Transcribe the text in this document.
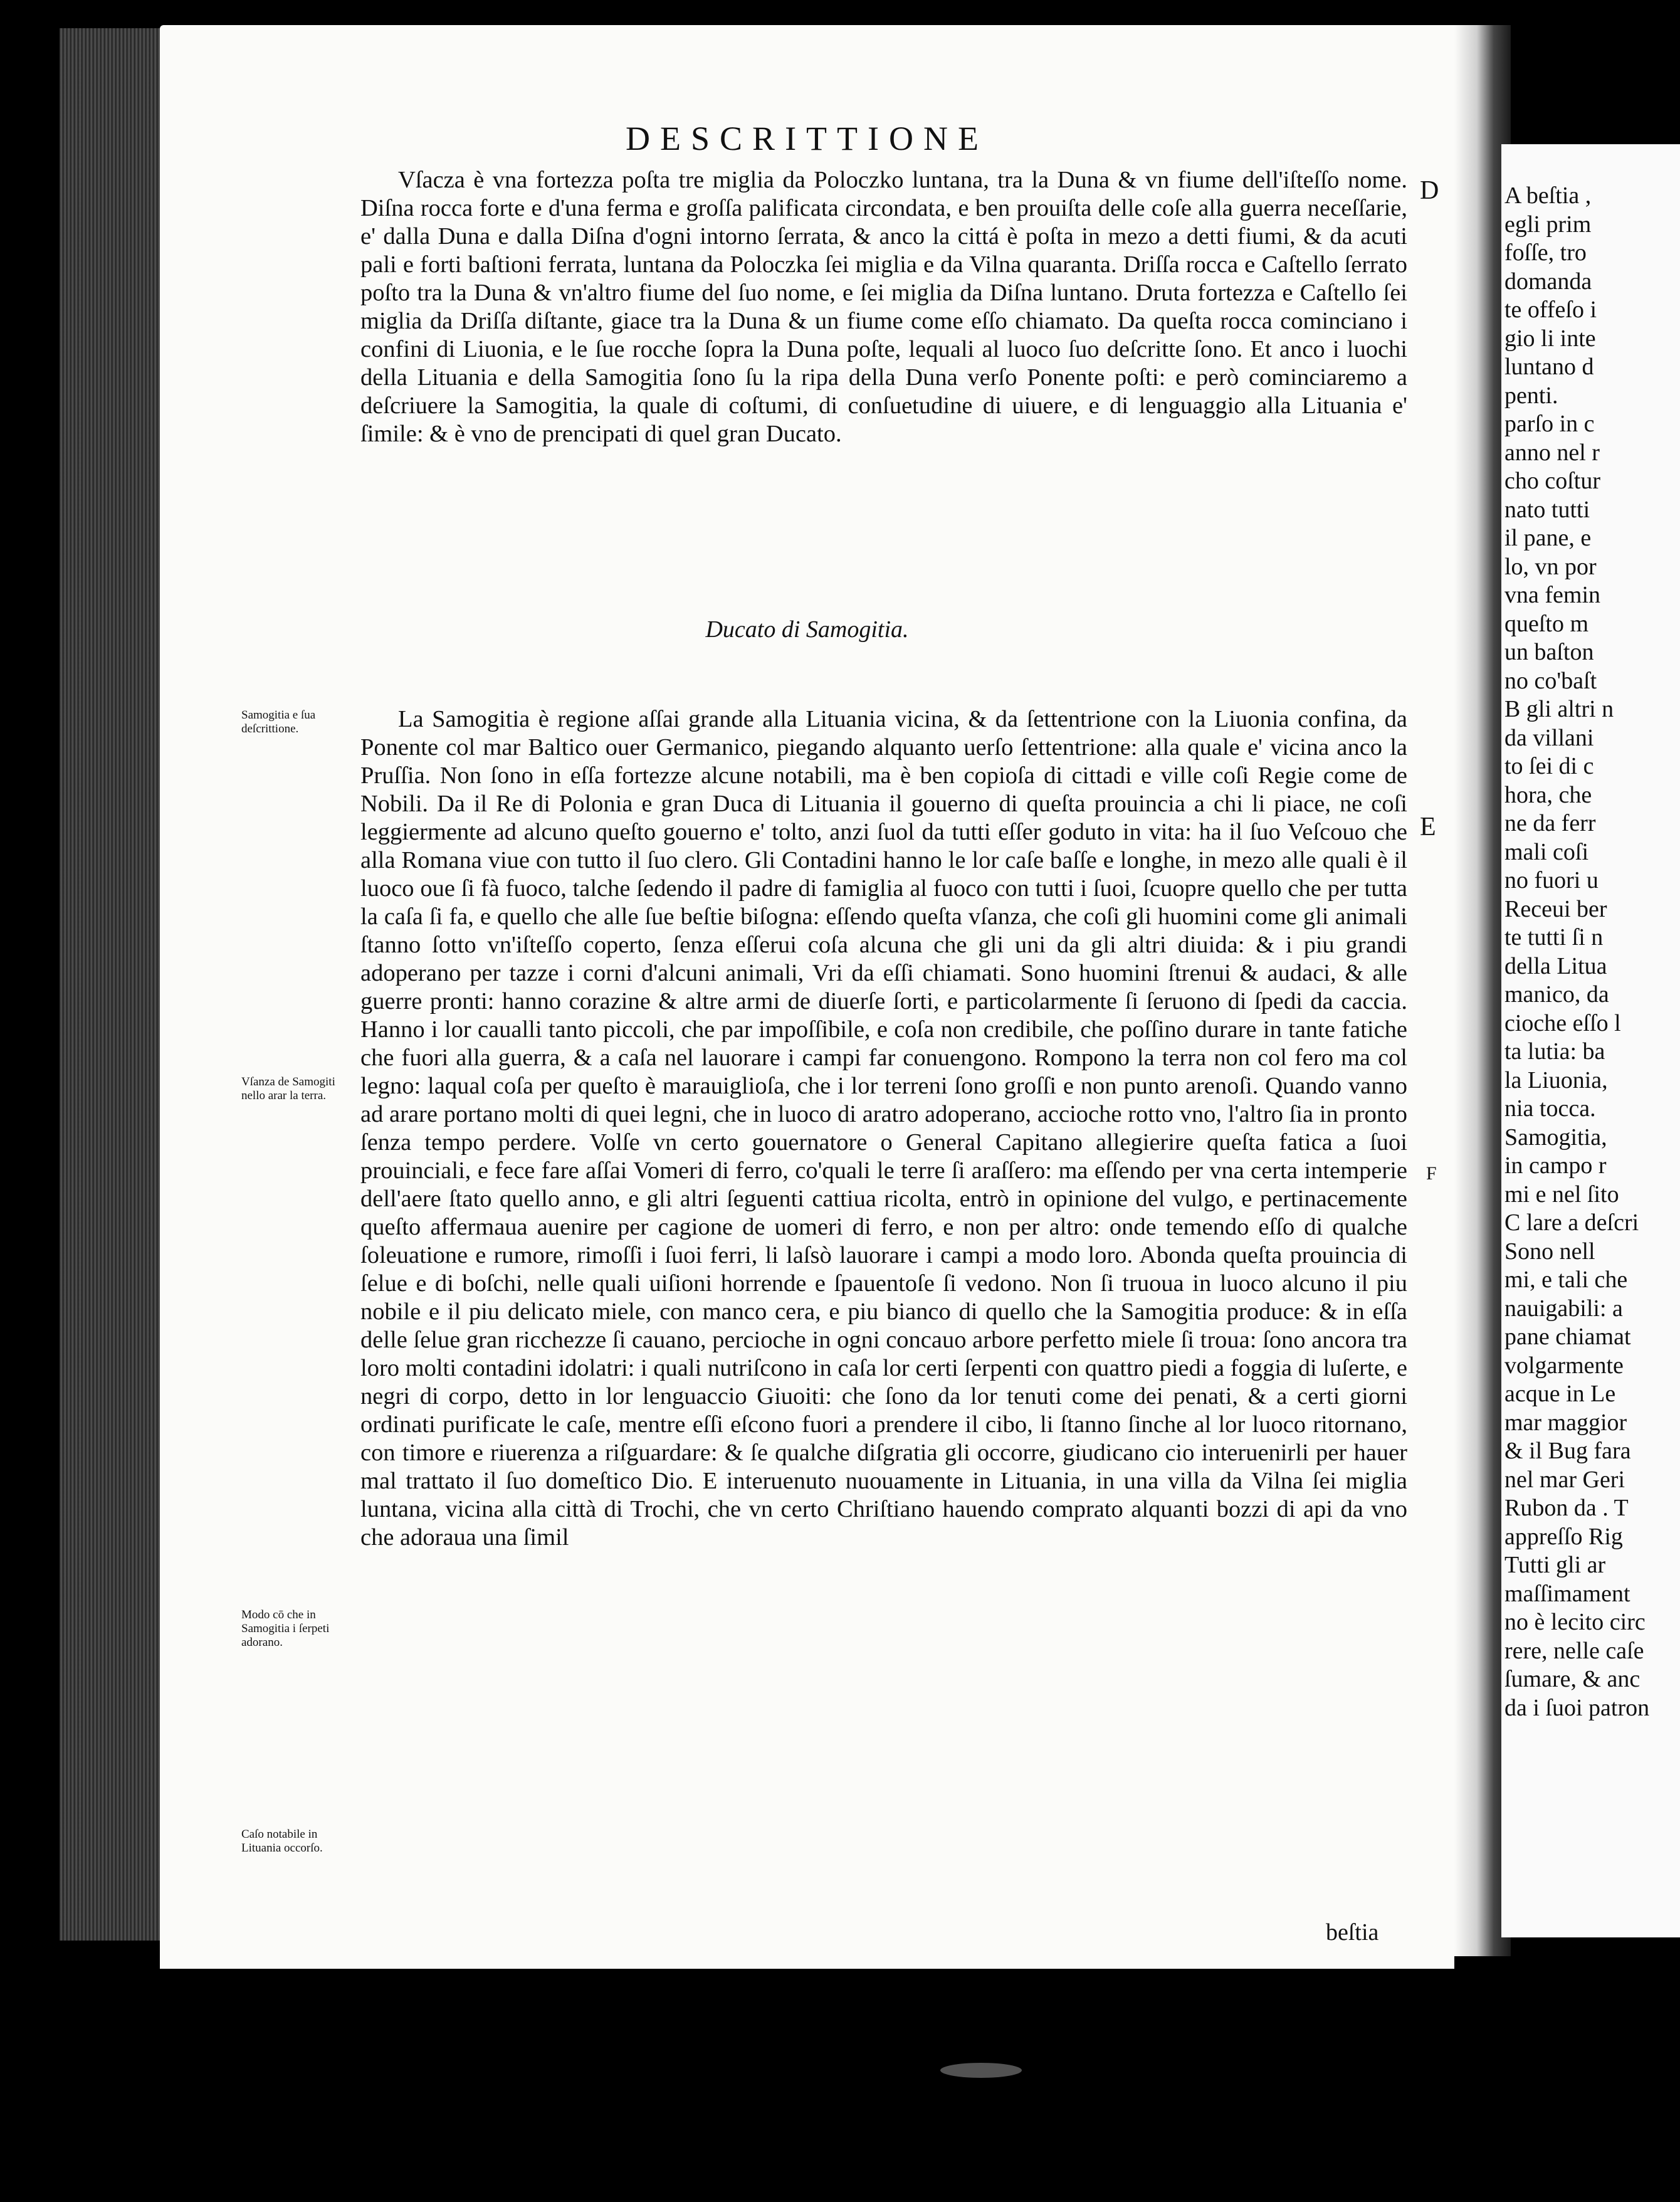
DESCRITTIONE

Vſacza è vna fortezza poſta tre miglia da Poloczko luntana, tra la Duna & vn fiume dell'iſteſſo nome. Diſna rocca forte e d'una ferma e groſſa palificata circondata, e ben prouiſta delle coſe alla guerra neceſſarie, e' dalla Duna e dalla Diſna d'ogni intorno ſerrata, & anco la cittá è poſta in mezo a detti fiumi, & da acuti pali e forti baſtioni ferrata, luntana da Poloczka ſei miglia e da Vilna quaranta. Driſſa rocca e Caſtello ſerrato poſto tra la Duna & vn'altro fiume del ſuo nome, e ſei miglia da Diſna luntano. Druta fortezza e Caſtello ſei miglia da Driſſa diſtante, giace tra la Duna & un fiume come eſſo chiamato. Da queſta rocca cominciano i confini di Liuonia, e le ſue rocche ſopra la Duna poſte, lequali al luoco ſuo deſcritte ſono. Et anco i luochi della Lituania e della Samogitia ſono ſu la ripa della Duna verſo Ponente poſti: e però cominciaremo a deſcriuere la Samogitia, la quale di coſtumi, di conſuetudine di uiuere, e di lenguaggio alla Lituania e' ſimile: & è vno de prencipati di quel gran Ducato.

Ducato di Samogitia.

La Samogitia è regione aſſai grande alla Lituania vicina, & da ſettentrione con la Liuonia confina, da Ponente col mar Baltico ouer Germanico, piegando alquanto uerſo ſettentrione: alla quale e' vicina anco la Pruſſia. Non ſono in eſſa fortezze alcune notabili, ma è ben copioſa di cittadi e ville coſi Regie come de Nobili. Da il Re di Polonia e gran Duca di Lituania il gouerno di queſta prouincia a chi li piace, ne coſi leggiermente ad alcuno queſto gouerno e' tolto, anzi ſuol da tutti eſſer goduto in vita: ha il ſuo Veſcouo che alla Romana viue con tutto il ſuo clero. Gli Contadini hanno le lor caſe baſſe e longhe, in mezo alle quali è il luoco oue ſi fà fuoco, talche ſedendo il padre di famiglia al fuoco con tutti i ſuoi, ſcuopre quello che per tutta la caſa ſi fa, e quello che alle ſue beſtie biſogna: eſſendo queſta vſanza, che coſi gli huomini come gli animali ſtanno ſotto vn'iſteſſo coperto, ſenza eſſerui coſa alcuna che gli uni da gli altri diuida: & i piu grandi adoperano per tazze i corni d'alcuni animali, Vri da eſſi chiamati. Sono huomini ſtrenui & audaci, & alle guerre pronti: hanno corazine & altre armi de diuerſe ſorti, e particolarmente ſi ſeruono di ſpedi da caccia. Hanno i lor caualli tanto piccoli, che par impoſſibile, e coſa non credibile, che poſſino durare in tante fatiche che fuori alla guerra, & a caſa nel lauorare i campi far conuengono. Rompono la terra non col fero ma col legno: laqual coſa per queſto è marauiglioſa, che i lor terreni ſono groſſi e non punto arenoſi. Quando vanno ad arare portano molti di quei legni, che in luoco di aratro adoperano, accioche rotto vno, l'altro ſia in pronto ſenza tempo perdere. Volſe vn certo gouernatore o General Capitano allegierire queſta fatica a ſuoi prouinciali, e fece fare aſſai Vomeri di ferro, co'quali le terre ſi araſſero: ma eſſendo per vna certa intemperie dell'aere ſtato quello anno, e gli altri ſeguenti cattiua ricolta, entrò in opinione del vulgo, e pertinacemente queſto affermaua auenire per cagione de uomeri di ferro, e non per altro: onde temendo eſſo di qualche ſoleuatione e rumore, rimoſſi i ſuoi ferri, li laſsò lauorare i campi a modo loro. Abonda queſta prouincia di ſelue e di boſchi, nelle quali uiſioni horrende e ſpauentoſe ſi vedono. Non ſi truoua in luoco alcuno il piu nobile e il piu delicato miele, con manco cera, e piu bianco di quello che la Samogitia produce: & in eſſa delle ſelue gran ricchezze ſi cauano, percioche in ogni concauo arbore perfetto miele ſi troua: ſono ancora tra loro molti contadini idolatri: i quali nutriſcono in caſa lor certi ſerpenti con quattro piedi a foggia di luſerte, e negri di corpo, detto in lor lenguaccio Giuoiti: che ſono da lor tenuti come dei penati, & a certi giorni ordinati purificate le caſe, mentre eſſi eſcono fuori a prendere il cibo, li ſtanno ſinche al lor luoco ritornano, con timore e riuerenza a riſguardare: & ſe qualche diſgratia gli occorre, giudicano cio interuenirli per hauer mal trattato il ſuo domeſtico Dio. E interuenuto nuouamente in Lituania, in una villa da Vilna ſei miglia luntana, vicina alla città di Trochi, che vn certo Chriſtiano hauendo comprato alquanti bozzi di api da vno che adoraua una ſimil

beſtia
D
E
F
Samogitia e ſua deſcrittione.
Vſanza de Samogiti nello arar la terra.
Modo cō che in Samogitia i ſerpeti adorano.
Caſo notabile in Lituania occorſo.
A beſtia ,
egli prim
foſſe, tro
domanda
te offeſo i
gio li inte
luntano d
penti.
parſo in c
anno nel r
cho coſtur
nato tutti
il pane, e
lo, vn por
vna femin
queſto m
un baſton
no co'baſt
B gli altri n
da villani
to ſei di c
hora, che
ne da ferr
mali coſi
no fuori u
Receui ber
te tutti ſi n
della Litua
manico, da
cioche eſſo l
ta lutia: ba
la Liuonia,
nia tocca.
Samogitia,
in campo r
mi e nel ſito
C lare a deſcri
Sono nell
mi, e tali che
nauigabili: a
pane chiamat
volgarmente
acque in Le
mar maggior
& il Bug fara
nel mar Geri
Rubon da . T
appreſſo Rig
Tutti gli ar
maſſimament
no è lecito circ
rere, nelle caſe
ſumare, & anc
da i ſuoi patron
